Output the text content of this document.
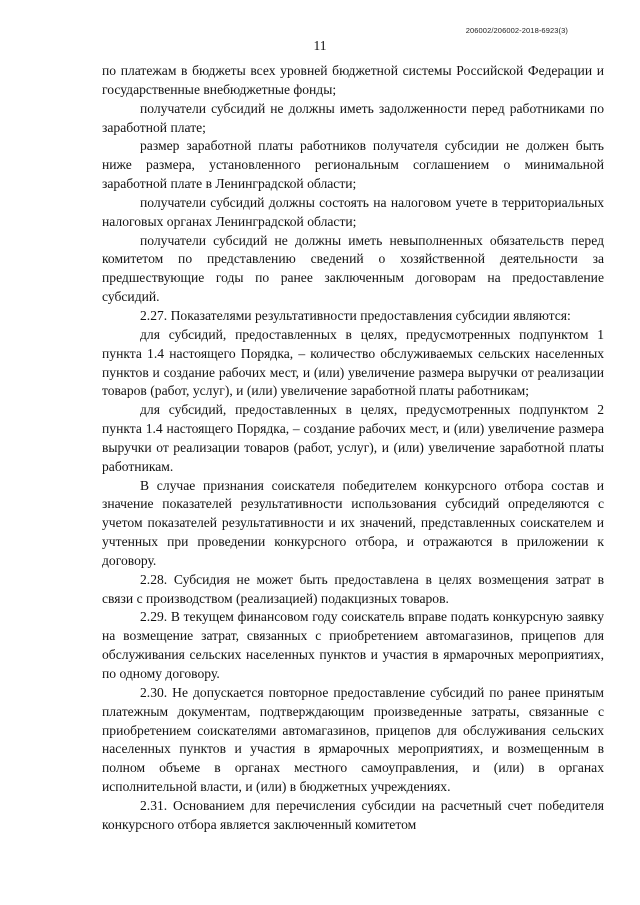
206002/206002-2018-6923(3)
11

по платежам в бюджеты всех уровней бюджетной системы Российской Федерации и государственные внебюджетные фонды;

получатели субсидий не должны иметь задолженности перед работниками по заработной плате;

размер заработной платы работников получателя субсидии не должен быть ниже размера, установленного региональным соглашением о минимальной заработной плате в Ленинградской области;

получатели субсидий должны состоять на налоговом учете в территориальных налоговых органах Ленинградской области;

получатели субсидий не должны иметь невыполненных обязательств перед комитетом по представлению сведений о хозяйственной деятельности за предшествующие годы по ранее заключенным договорам на предоставление субсидий.

2.27. Показателями результативности предоставления субсидии являются:

для субсидий, предоставленных в целях, предусмотренных подпунктом 1 пункта 1.4 настоящего Порядка, – количество обслуживаемых сельских населенных пунктов и создание рабочих мест, и (или) увеличение размера выручки от реализации товаров (работ, услуг), и (или) увеличение заработной платы работникам;

для субсидий, предоставленных в целях, предусмотренных подпунктом 2 пункта 1.4 настоящего Порядка, – создание рабочих мест, и (или) увеличение размера выручки от реализации товаров (работ, услуг), и (или) увеличение заработной платы работникам.

В случае признания соискателя победителем конкурсного отбора состав и значение показателей результативности использования субсидий определяются с учетом показателей результативности и их значений, представленных соискателем и учтенных при проведении конкурсного отбора, и отражаются в приложении к договору.

2.28. Субсидия не может быть предоставлена в целях возмещения затрат в связи с производством (реализацией) подакцизных товаров.

2.29. В текущем финансовом году соискатель вправе подать конкурсную заявку на возмещение затрат, связанных с приобретением автомагазинов, прицепов для обслуживания сельских населенных пунктов и участия в ярмарочных мероприятиях, по одному договору.

2.30. Не допускается повторное предоставление субсидий по ранее принятым платежным документам, подтверждающим произведенные затраты, связанные с приобретением соискателями автомагазинов, прицепов для обслуживания сельских населенных пунктов и участия в ярмарочных мероприятиях, и возмещенным в полном объеме в органах местного самоуправления, и (или) в органах исполнительной власти, и (или) в бюджетных учреждениях.

2.31. Основанием для перечисления субсидии на расчетный счет победителя конкурсного отбора является заключенный комитетом
